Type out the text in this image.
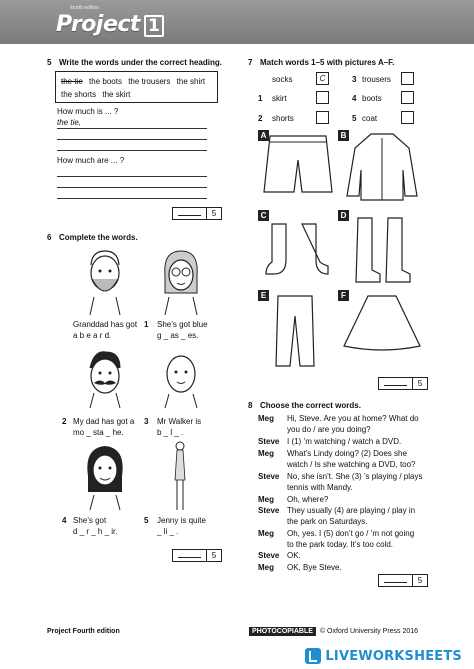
fourth edition
Project 1
5 Write the words under the correct heading.
the tie the boots the trousers the shirt
the shorts the skirt
How much is ... ?
the tie,
How much are ... ?
5
6 Complete the words.
Granddad has got
a b e a r d.
1 She’s got blue
g _ as _ es.
2 My dad has got a
mo _ sta _ he.
3 Mr Walker is
b _ l _ .
4 She’s got
d _ r _ h _ ir.
5 Jenny is quite
_ li _ .
5
7 Match words 1–5 with pictures A–F.
socks	C	3 trousers
1 skirt	4 boots
2 shorts	5 coat
A	B
C	D
E	F
5
8 Choose the correct words.
Meg Hi, Steve. Are you at home? What do
you do / are you doing?
Steve I (1) ’m watching / watch a DVD.
Meg What’s Lindy doing? (2) Does she
watch / Is she watching a DVD, too?
Steve No, she isn’t. She (3) ’s playing / plays
tennis with Mandy.
Meg Oh, where?
Steve They usually (4) are playing / play in
the park on Saturdays.
Meg Oh, yes. I (5) don’t go / ’m not going
to the park today. It’s too cold.
Steve OK.
Meg OK, Bye Steve.
5
Project Fourth edition	PHOTOCOPIABLE	© Oxford University Press 2016
LIVEWORKSHEETS
